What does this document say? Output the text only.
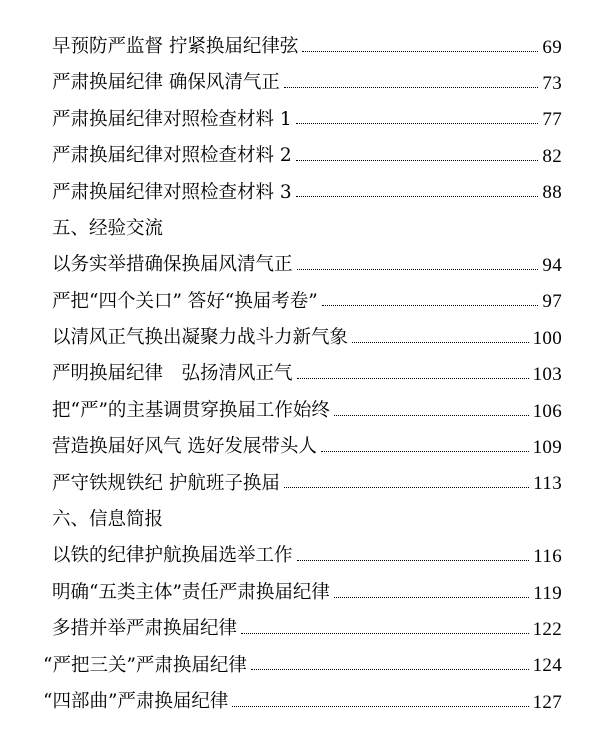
早预防严监督 拧紧换届纪律弦	69
严肃换届纪律 确保风清气正	73
严肃换届纪律对照检查材料 1	77
严肃换届纪律对照检查材料 2	82
严肃换届纪律对照检查材料 3	88
五、经验交流
以务实举措确保换届风清气正	94
严把“四个关口” 答好“换届考卷”	97
以清风正气换出凝聚力战斗力新气象	100
严明换届纪律　弘扬清风正气	103
把“严”的主基调贯穿换届工作始终	106
营造换届好风气 选好发展带头人	109
严守铁规铁纪 护航班子换届	113
六、信息简报
以铁的纪律护航换届选举工作	116
明确“五类主体”责任严肃换届纪律	119
多措并举严肃换届纪律	122
“严把三关”严肃换届纪律	124
“四部曲”严肃换届纪律	127
